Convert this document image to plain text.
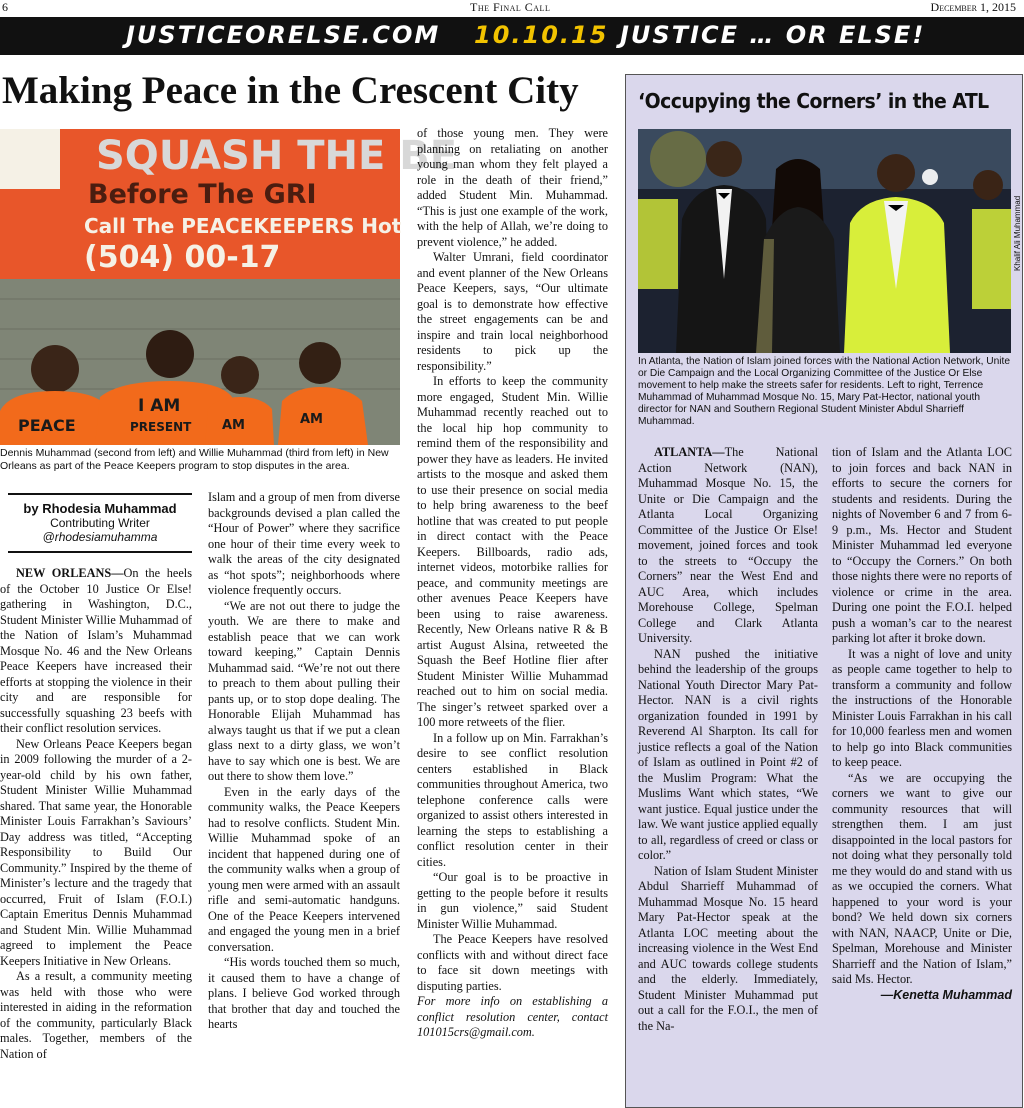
6	The Final Call	December 1, 2015
JUSTICEORELSE.COM 10.10.15 JUSTICE … OR ELSE!
Making Peace in the Crescent City
SQUASH THE BE
Before The GRI
Call The PEACEKEEPERS Hot
(504) 00-17
PEACE
I AM
PRESENT AM	AM

Dennis Muhammad (second from left) and Willie Muhammad (third from left) in New Orleans as part of the Peace Keepers program to stop disputes in the area.

by Rhodesia Muhammad
Contributing Writer
@rhodesiamuhamma

NEW ORLEANS—On the heels of the October 10 Justice Or Else! gathering in Washington, D.C., Student Minister Willie Muhammad of the Nation of Islam’s Muhammad Mosque No. 46 and the New Orleans Peace Keepers have increased their efforts at stopping the violence in their city and are responsible for successfully squashing 23 beefs with their conflict resolution services.

New Orleans Peace Keepers began in 2009 following the murder of a 2-year-old child by his own father, Student Minister Willie Muhammad shared. That same year, the Honorable Minister Louis Farrakhan’s Saviours’ Day address was titled, “Accepting Responsibility to Build Our Community.” Inspired by the theme of Minister’s lecture and the tragedy that occurred, Fruit of Islam (F.O.I.) Captain Emeritus Dennis Muhammad and Student Min. Willie Muhammad agreed to implement the Peace Keepers Initiative in New Orleans.

As a result, a community meeting was held with those who were interested in aiding in the reformation of the community, particularly Black males. Together, members of the Nation of

Islam and a group of men from diverse backgrounds devised a plan called the “Hour of Power” where they sacrifice one hour of their time every week to walk the areas of the city designated as “hot spots”; neighborhoods where violence frequently occurs.

“We are not out there to judge the youth. We are there to make and establish peace that we can work toward keeping,” Captain Dennis Muhammad said. “We’re not out there to preach to them about pulling their pants up, or to stop dope dealing. The Honorable Elijah Muhammad has always taught us that if we put a clean glass next to a dirty glass, we won’t have to say which one is best. We are out there to show them love.”

Even in the early days of the community walks, the Peace Keepers had to resolve conflicts. Student Min. Willie Muhammad spoke of an incident that happened during one of the community walks when a group of young men were armed with an assault rifle and semi-automatic handguns. One of the Peace Keepers intervened and engaged the young men in a brief conversation.

“His words touched them so much, it caused them to have a change of plans. I believe God worked through that brother that day and touched the hearts

of those young men. They were planning on retaliating on another young man whom they felt played a role in the death of their friend,” added Student Min. Muhammad. “This is just one example of the work, with the help of Allah, we’re doing to prevent violence,” he added.

Walter Umrani, field coordinator and event planner of the New Orleans Peace Keepers, says, “Our ultimate goal is to demonstrate how effective the street engagements can be and inspire and train local neighborhood residents to pick up the responsibility.”

In efforts to keep the community more engaged, Student Min. Willie Muhammad recently reached out to the local hip hop community to remind them of the responsibility and power they have as leaders. He invited artists to the mosque and asked them to use their presence on social media to help bring awareness to the beef hotline that was created to put people in direct contact with the Peace Keepers. Billboards, radio ads, internet videos, motorbike rallies for peace, and community meetings are other avenues Peace Keepers have been using to raise awareness. Recently, New Orleans native R & B artist August Alsina, retweeted the Squash the Beef Hotline flier after Student Minister Willie Muhammad reached out to him on social media. The singer’s retweet sparked over a 100 more retweets of the flier.

In a follow up on Min. Farrakhan’s desire to see conflict resolution centers established in Black communities throughout America, two telephone conference calls were organized to assist others interested in learning the steps to establishing a conflict resolution center in their cities.

“Our goal is to be proactive in getting to the people before it results in gun violence,” said Student Minister Willie Muhammad.

The Peace Keepers have resolved conflicts with and without direct face to face sit down meetings with disputing parties.

For more info on establishing a conflict resolution center, contact 101015crs@gmail.com.

‘Occupying the Corners’ in the ATL
Khalif Ali Muhammad

In Atlanta, the Nation of Islam joined forces with the National Action Network, Unite or Die Campaign and the Local Organizing Committee of the Justice Or Else movement to help make the streets safer for residents. Left to right, Terrence Muhammad of Muhammad Mosque No. 15, Mary Pat-Hector, national youth director for NAN and Southern Regional Student Minister Abdul Sharrieff Muhammad.

ATLANTA—The National Action Network (NAN), Muhammad Mosque No. 15, the Unite or Die Campaign and the Atlanta Local Organizing Committee of the Justice Or Else! movement, joined forces and took to the streets to “Occupy the Corners” near the West End and AUC Area, which includes Morehouse College, Spelman College and Clark Atlanta University.

NAN pushed the initiative behind the leadership of the groups National Youth Director Mary Pat-Hector. NAN is a civil rights organization founded in 1991 by Reverend Al Sharpton. Its call for justice reflects a goal of the Nation of Islam as outlined in Point #2 of the Muslim Program: What the Muslims Want which states, “We want justice. Equal justice under the law. We want justice applied equally to all, regardless of creed or class or color.”

Nation of Islam Student Minister Abdul Sharrieff Muhammad of Muhammad Mosque No. 15 heard Mary Pat-Hector speak at the Atlanta LOC meeting about the increasing violence in the West End and AUC towards college students and the elderly. Immediately, Student Minister Muhammad put out a call for the F.O.I., the men of the Na-

tion of Islam and the Atlanta LOC to join forces and back NAN in efforts to secure the corners for students and residents. During the nights of November 6 and 7 from 6-9 p.m., Ms. Hector and Student Minister Muhammad led everyone to “Occupy the Corners.” On both those nights there were no reports of violence or crime in the area. During one point the F.O.I. helped push a woman’s car to the nearest parking lot after it broke down.

It was a night of love and unity as people came together to help to transform a community and follow the instructions of the Honorable Minister Louis Farrakhan in his call for 10,000 fearless men and women to help go into Black communities to keep peace.

“As we are occupying the corners we want to give our community resources that will strengthen them. I am just disappointed in the local pastors for not doing what they personally told me they would do and stand with us as we occupied the corners. What happened to your word is your bond? We held down six corners with NAN, NAACP, Unite or Die, Spelman, Morehouse and Minister Sharrieff and the Nation of Islam,” said Ms. Hector.

—Kenetta Muhammad
